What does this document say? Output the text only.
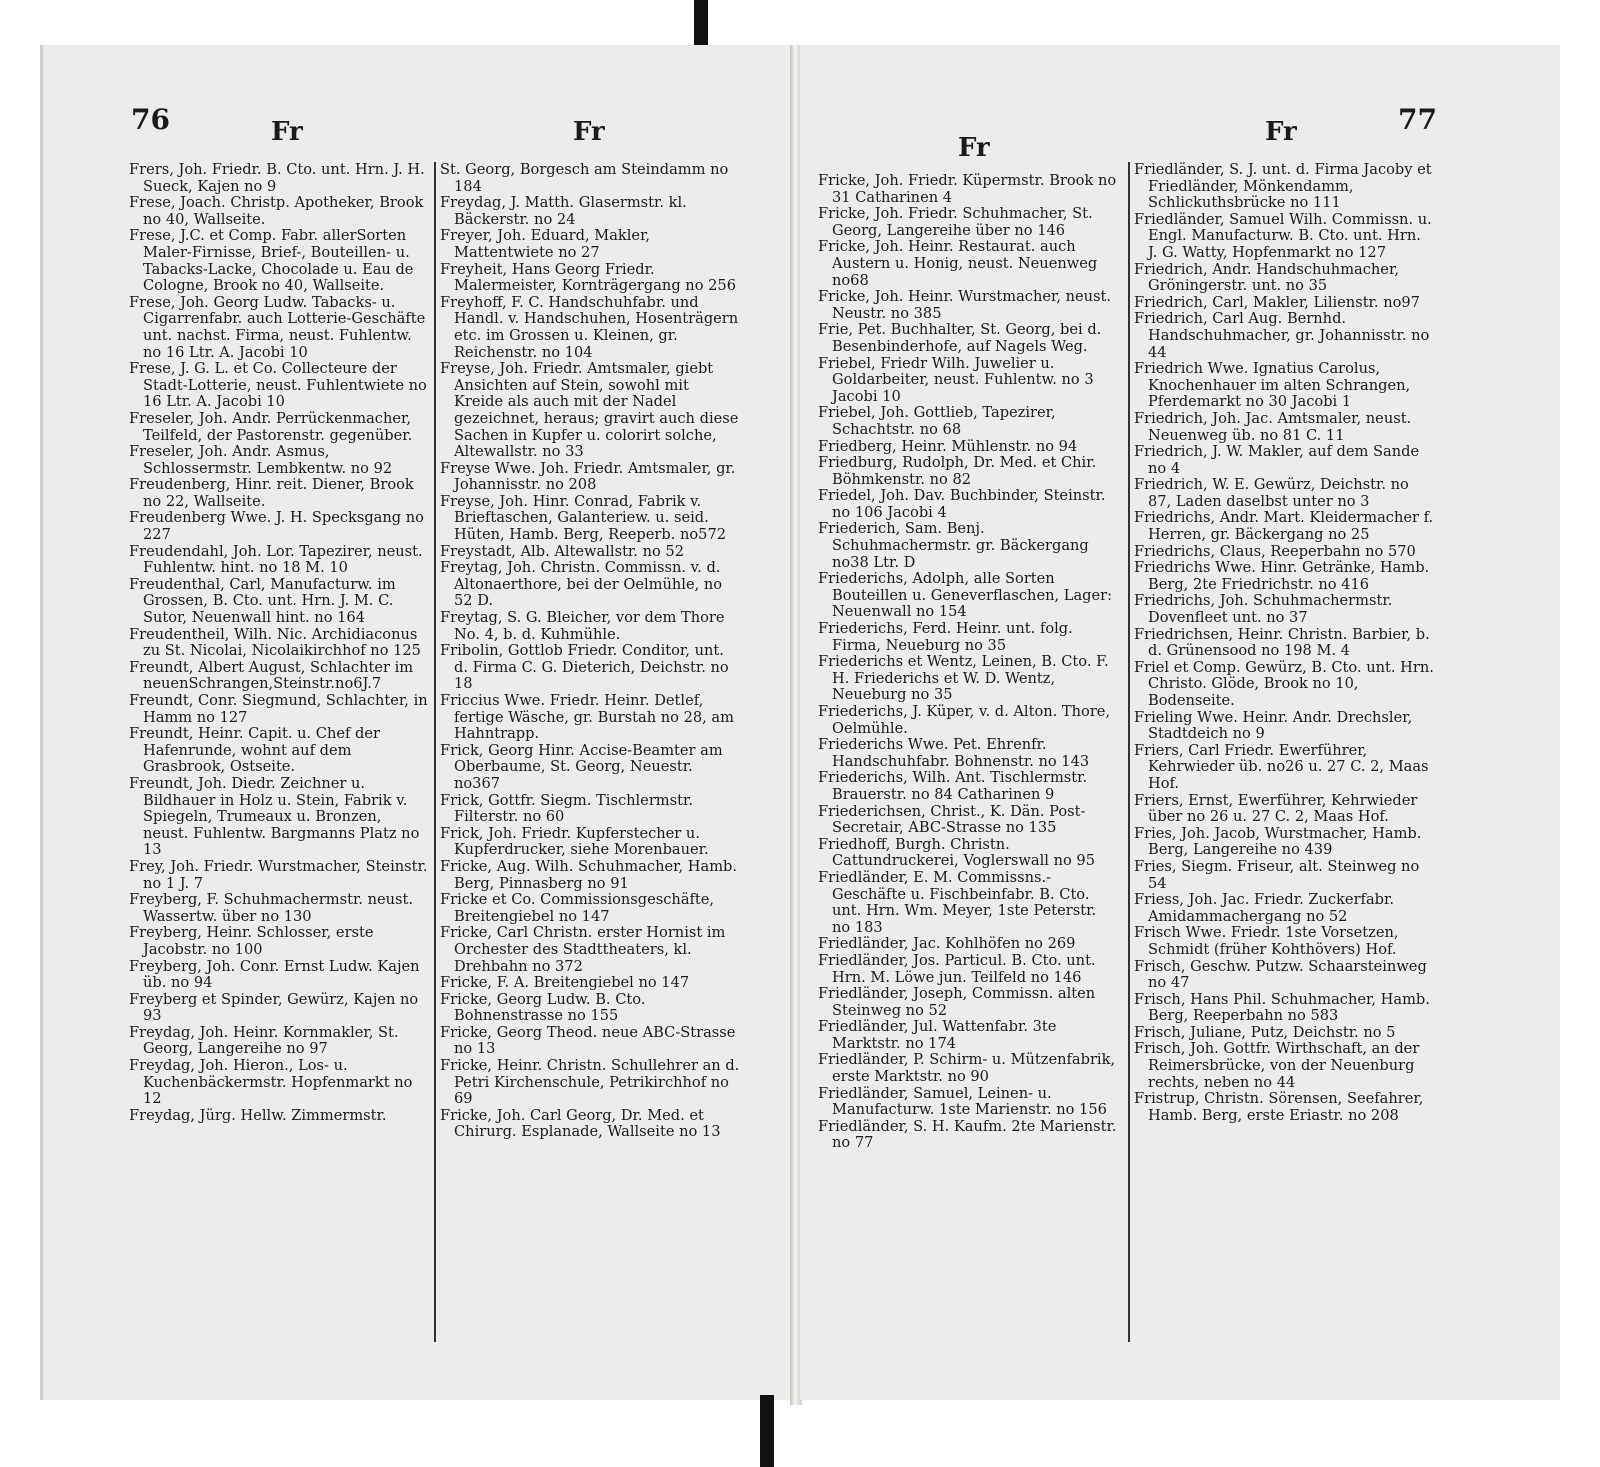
76	Fr	Fr

Frers, Joh. Friedr. B. Cto. unt. Hrn. J. H. Sueck, Kajen no 9

Frese, Joach. Christp. Apotheker, Brook no 40, Wallseite.

Frese, J.C. et Comp. Fabr. allerSorten Maler-Firnisse, Brief-, Bouteillen- u. Tabacks-Lacke, Chocolade u. Eau de Cologne, Brook no 40, Wallseite.

Frese, Joh. Georg Ludw. Tabacks- u. Cigarrenfabr. auch Lotterie-Geschäfte unt. nachst. Firma, neust. Fuhlentw. no 16 Ltr. A. Jacobi 10

Frese, J. G. L. et Co. Collecteure der Stadt-Lotterie, neust. Fuhlentwiete no 16 Ltr. A. Jacobi 10

Freseler, Joh. Andr. Perrückenmacher, Teilfeld, der Pastorenstr. gegenüber.

Freseler, Joh. Andr. Asmus, Schlossermstr. Lembkentw. no 92

Freudenberg, Hinr. reit. Diener, Brook no 22, Wallseite.

Freudenberg Wwe. J. H. Specksgang no 227

Freudendahl, Joh. Lor. Tapezirer, neust. Fuhlentw. hint. no 18 M. 10

Freudenthal, Carl, Manufacturw. im Grossen, B. Cto. unt. Hrn. J. M. C. Sutor, Neuenwall hint. no 164

Freudentheil, Wilh. Nic. Archidiaconus zu St. Nicolai, Nicolaikirchhof no 125

Freundt, Albert August, Schlachter im neuenSchrangen,Steinstr.no6J.7

Freundt, Conr. Siegmund, Schlachter, in Hamm no 127

Freundt, Heinr. Capit. u. Chef der Hafenrunde, wohnt auf dem Grasbrook, Ostseite.

Freundt, Joh. Diedr. Zeichner u. Bildhauer in Holz u. Stein, Fabrik v. Spiegeln, Trumeaux u. Bronzen, neust. Fuhlentw. Bargmanns Platz no 13

Frey, Joh. Friedr. Wurstmacher, Steinstr. no 1 J. 7

Freyberg, F. Schuhmachermstr. neust. Wassertw. über no 130

Freyberg, Heinr. Schlosser, erste Jacobstr. no 100

Freyberg, Joh. Conr. Ernst Ludw. Kajen üb. no 94

Freyberg et Spinder, Gewürz, Kajen no 93

Freydag, Joh. Heinr. Kornmakler, St. Georg, Langereihe no 97

Freydag, Joh. Hieron., Los- u. Kuchenbäckermstr. Hopfenmarkt no 12

Freydag, Jürg. Hellw. Zimmermstr.

St. Georg, Borgesch am Steindamm no 184

Freydag, J. Matth. Glasermstr. kl. Bäckerstr. no 24

Freyer, Joh. Eduard, Makler, Mattentwiete no 27

Freyheit, Hans Georg Friedr. Malermeister, Kornträgergang no 256

Freyhoff, F. C. Handschuhfabr. und Handl. v. Handschuhen, Hosenträgern etc. im Grossen u. Kleinen, gr. Reichenstr. no 104

Freyse, Joh. Friedr. Amtsmaler, giebt Ansichten auf Stein, sowohl mit Kreide als auch mit der Nadel gezeichnet, heraus; gravirt auch diese Sachen in Kupfer u. colorirt solche, Altewallstr. no 33

Freyse Wwe. Joh. Friedr. Amtsmaler, gr. Johannisstr. no 208

Freyse, Joh. Hinr. Conrad, Fabrik v. Brieftaschen, Galanteriew. u. seid. Hüten, Hamb. Berg, Reeperb. no572

Freystadt, Alb. Altewallstr. no 52

Freytag, Joh. Christn. Commissn. v. d. Altonaerthore, bei der Oelmühle, no 52 D.

Freytag, S. G. Bleicher, vor dem Thore No. 4, b. d. Kuhmühle.

Fribolin, Gottlob Friedr. Conditor, unt. d. Firma C. G. Dieterich, Deichstr. no 18

Friccius Wwe. Friedr. Heinr. Detlef, fertige Wäsche, gr. Burstah no 28, am Hahntrapp.

Frick, Georg Hinr. Accise-Beamter am Oberbaume, St. Georg, Neuestr. no367

Frick, Gottfr. Siegm. Tischlermstr. Filterstr. no 60

Frick, Joh. Friedr. Kupferstecher u. Kupferdrucker, siehe Morenbauer.

Fricke, Aug. Wilh. Schuhmacher, Hamb. Berg, Pinnasberg no 91

Fricke et Co. Commissionsgeschäfte, Breitengiebel no 147

Fricke, Carl Christn. erster Hornist im Orchester des Stadttheaters, kl. Drehbahn no 372

Fricke, F. A. Breitengiebel no 147

Fricke, Georg Ludw. B. Cto. Bohnenstrasse no 155

Fricke, Georg Theod. neue ABC-Strasse no 13

Fricke, Heinr. Christn. Schullehrer an d. Petri Kirchenschule, Petrikirchhof no 69

Fricke, Joh. Carl Georg, Dr. Med. et Chirurg. Esplanade, Wallseite no 13

Fr
Fr	77

Fricke, Joh. Friedr. Küpermstr. Brook no 31 Catharinen 4

Fricke, Joh. Friedr. Schuhmacher, St. Georg, Langereihe über no 146

Fricke, Joh. Heinr. Restaurat. auch Austern u. Honig, neust. Neuenweg no68

Fricke, Joh. Heinr. Wurstmacher, neust. Neustr. no 385

Frie, Pet. Buchhalter, St. Georg, bei d. Besenbinderhofe, auf Nagels Weg.

Friebel, Friedr Wilh. Juwelier u. Goldarbeiter, neust. Fuhlentw. no 3 Jacobi 10

Friebel, Joh. Gottlieb, Tapezirer, Schachtstr. no 68

Friedberg, Heinr. Mühlenstr. no 94

Friedburg, Rudolph, Dr. Med. et Chir. Böhmkenstr. no 82

Friedel, Joh. Dav. Buchbinder, Steinstr. no 106 Jacobi 4

Friederich, Sam. Benj. Schuhmachermstr. gr. Bäckergang no38 Ltr. D

Friederichs, Adolph, alle Sorten Bouteillen u. Geneverflaschen, Lager: Neuenwall no 154

Friederichs, Ferd. Heinr. unt. folg. Firma, Neueburg no 35

Friederichs et Wentz, Leinen, B. Cto. F. H. Friederichs et W. D. Wentz, Neueburg no 35

Friederichs, J. Küper, v. d. Alton. Thore, Oelmühle.

Friederichs Wwe. Pet. Ehrenfr. Handschuhfabr. Bohnenstr. no 143

Friederichs, Wilh. Ant. Tischlermstr. Brauerstr. no 84 Catharinen 9

Friederichsen, Christ., K. Dän. Post-Secretair, ABC-Strasse no 135

Friedhoff, Burgh. Christn. Cattundruckerei, Voglerswall no 95

Friedländer, E. M. Commissns.-Geschäfte u. Fischbeinfabr. B. Cto. unt. Hrn. Wm. Meyer, 1ste Peterstr. no 183

Friedländer, Jac. Kohlhöfen no 269

Friedländer, Jos. Particul. B. Cto. unt. Hrn. M. Löwe jun. Teilfeld no 146

Friedländer, Joseph, Commissn. alten Steinweg no 52

Friedländer, Jul. Wattenfabr. 3te Marktstr. no 174

Friedländer, P. Schirm- u. Mützenfabrik, erste Marktstr. no 90

Friedländer, Samuel, Leinen- u. Manufacturw. 1ste Marienstr. no 156

Friedländer, S. H. Kaufm. 2te Marienstr. no 77

Friedländer, S. J. unt. d. Firma Jacoby et Friedländer, Mönkendamm, Schlickuthsbrücke no 111

Friedländer, Samuel Wilh. Commissn. u. Engl. Manufacturw. B. Cto. unt. Hrn. J. G. Watty, Hopfenmarkt no 127

Friedrich, Andr. Handschuhmacher, Gröningerstr. unt. no 35

Friedrich, Carl, Makler, Lilienstr. no97

Friedrich, Carl Aug. Bernhd. Handschuhmacher, gr. Johannisstr. no 44

Friedrich Wwe. Ignatius Carolus, Knochenhauer im alten Schrangen, Pferdemarkt no 30 Jacobi 1

Friedrich, Joh. Jac. Amtsmaler, neust. Neuenweg üb. no 81 C. 11

Friedrich, J. W. Makler, auf dem Sande no 4

Friedrich, W. E. Gewürz, Deichstr. no 87, Laden daselbst unter no 3

Friedrichs, Andr. Mart. Kleidermacher f. Herren, gr. Bäckergang no 25

Friedrichs, Claus, Reeperbahn no 570

Friedrichs Wwe. Hinr. Getränke, Hamb. Berg, 2te Friedrichstr. no 416

Friedrichs, Joh. Schuhmachermstr. Dovenfleet unt. no 37

Friedrichsen, Heinr. Christn. Barbier, b. d. Grünensood no 198 M. 4

Friel et Comp. Gewürz, B. Cto. unt. Hrn. Christo. Glöde, Brook no 10, Bodenseite.

Frieling Wwe. Heinr. Andr. Drechsler, Stadtdeich no 9

Friers, Carl Friedr. Ewerführer, Kehrwieder üb. no26 u. 27 C. 2, Maas Hof.

Friers, Ernst, Ewerführer, Kehrwieder über no 26 u. 27 C. 2, Maas Hof.

Fries, Joh. Jacob, Wurstmacher, Hamb. Berg, Langereihe no 439

Fries, Siegm. Friseur, alt. Steinweg no 54

Friess, Joh. Jac. Friedr. Zuckerfabr. Amidammachergang no 52

Frisch Wwe. Friedr. 1ste Vorsetzen, Schmidt (früher Kohthövers) Hof.

Frisch, Geschw. Putzw. Schaarsteinweg no 47

Frisch, Hans Phil. Schuhmacher, Hamb. Berg, Reeperbahn no 583

Frisch, Juliane, Putz, Deichstr. no 5

Frisch, Joh. Gottfr. Wirthschaft, an der Reimersbrücke, von der Neuenburg rechts, neben no 44

Fristrup, Christn. Sörensen, Seefahrer, Hamb. Berg, erste Eriastr. no 208
